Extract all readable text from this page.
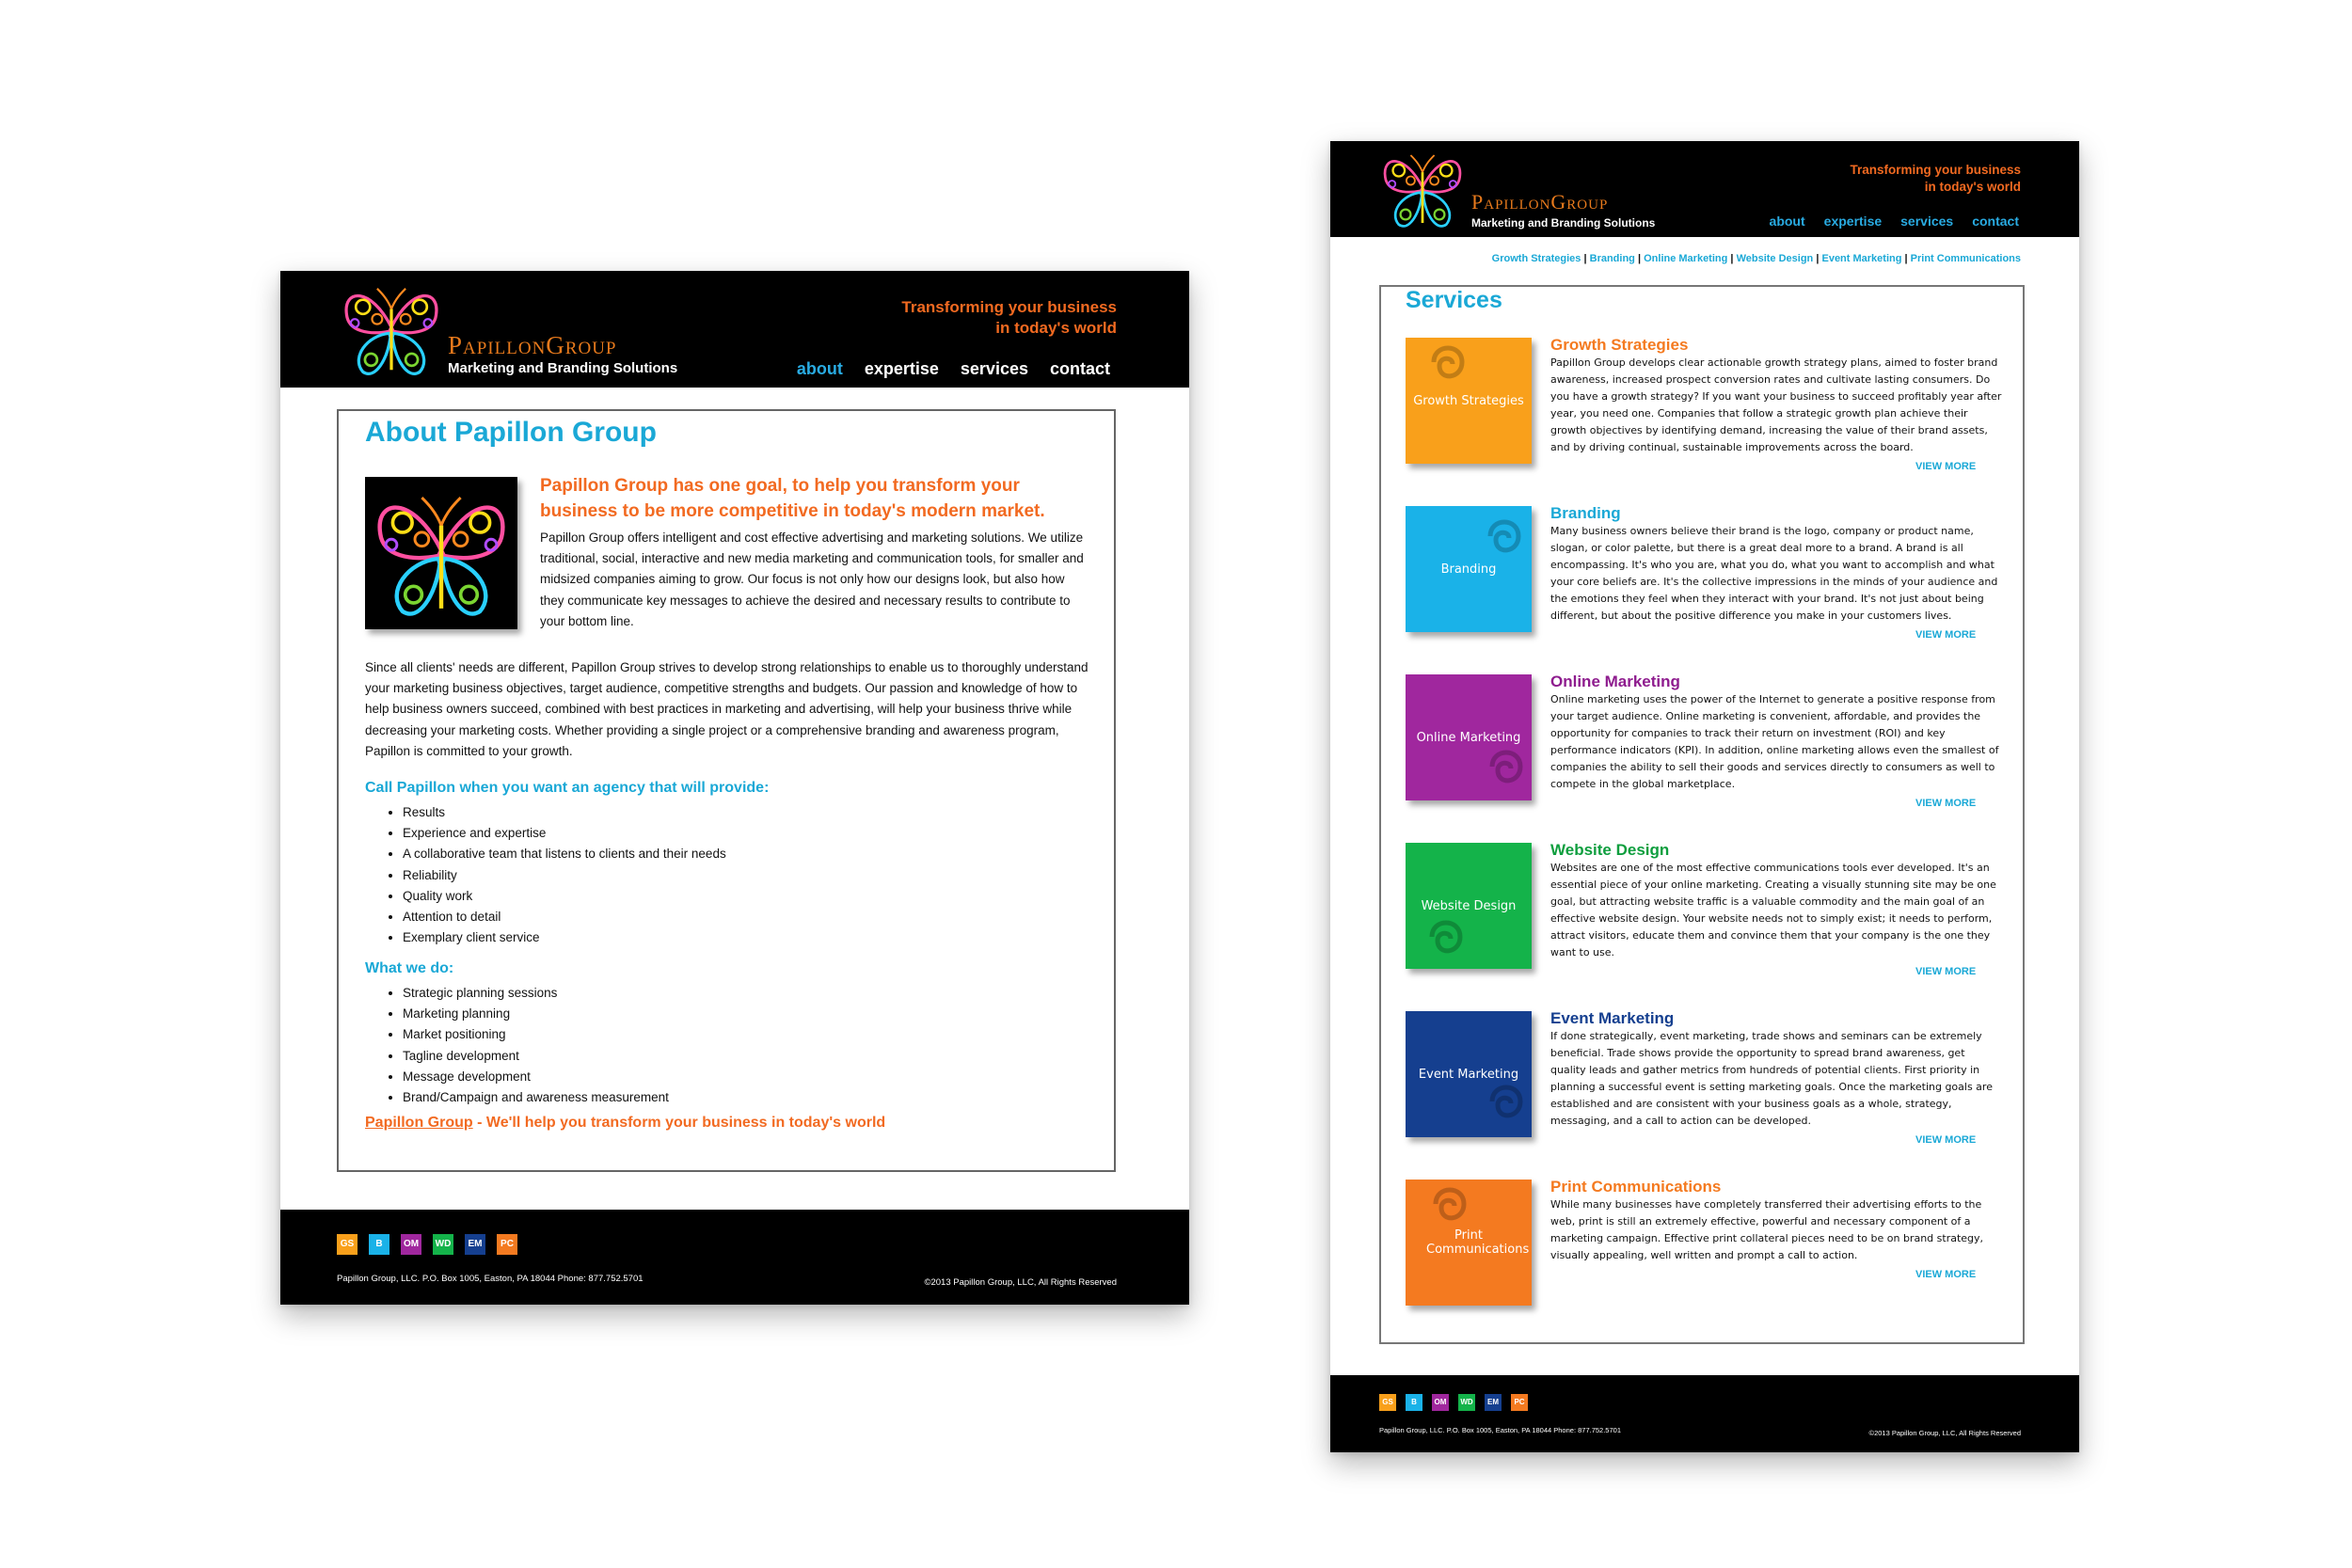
PapillonGroup
Marketing and Branding Solutions
Transforming your business
in today's world
about expertise services contact
About Papillon Group
Papillon Group has one goal, to help you transform your business to be more competitive in today's modern market.
Papillon Group offers intelligent and cost effective advertising and marketing solutions. We utilize traditional, social, interactive and new media marketing and communication tools, for smaller and midsized companies aiming to grow. Our focus is not only how our designs look, but also how they communicate key messages to achieve the desired and necessary results to contribute to your bottom line.
Since all clients' needs are different, Papillon Group strives to develop strong relationships to enable us to thoroughly understand your marketing business objectives, target audience, competitive strengths and budgets. Our passion and knowledge of how to help business owners succeed, combined with best practices in marketing and advertising, will help your business thrive while decreasing your marketing costs. Whether providing a single project or a comprehensive branding and awareness program, Papillon is committed to your growth.
Call Papillon when you want an agency that will provide:
• Results
• Experience and expertise
• A collaborative team that listens to clients and their needs
• Reliability
• Quality work
• Attention to detail
• Exemplary client service
What we do:
• Strategic planning sessions
• Marketing planning
• Market positioning
• Tagline development
• Message development
• Brand/Campaign and awareness measurement
Papillon Group - We'll help you transform your business in today's world
GS	B	OM WD	EM	PC
Papillon Group, LLC. P.O. Box 1005, Easton, PA 18044 Phone: 877.752.5701	©2013 Papillon Group, LLC, All Rights Reserved
PapillonGroup
Marketing and Branding Solutions
Transforming your business
in today's world
about expertise services contact
Growth Strategies | Branding | Online Marketing | Website Design | Event Marketing | Print Communications
Services
Growth Strategies
Growth Strategies
Papillon Group develops clear actionable growth strategy plans, aimed to foster brand awareness, increased prospect conversion rates and cultivate lasting consumers. Do you have a growth strategy? If you want your business to succeed profitably year after year, you need one. Companies that follow a strategic growth plan achieve their growth objectives by identifying demand, increasing the value of their brand assets, and by driving continual, sustainable improvements across the board.
VIEW MORE
Branding
Branding
Many business owners believe their brand is the logo, company or product name, slogan, or color palette, but there is a great deal more to a brand. A brand is all encompassing. It's who you are, what you do, what you want to accomplish and what your core beliefs are. It's the collective impressions in the minds of your audience and the emotions they feel when they interact with your brand. It's not just about being different, but about the positive difference you make in your customers lives.
VIEW MORE
Online Marketing
Online Marketing
Online marketing uses the power of the Internet to generate a positive response from your target audience. Online marketing is convenient, affordable, and provides the opportunity for companies to track their return on investment (ROI) and key performance indicators (KPI). In addition, online marketing allows even the smallest of companies the ability to sell their goods and services directly to consumers as well to compete in the global marketplace.
VIEW MORE
Website Design
Website Design
Websites are one of the most effective communications tools ever developed. It's an essential piece of your online marketing. Creating a visually stunning site may be one goal, but attracting website traffic is a valuable commodity and the main goal of an effective website design. Your website needs not to simply exist; it needs to perform, attract visitors, educate them and convince them that your company is the one they want to use.
VIEW MORE
Event Marketing
Event Marketing
If done strategically, event marketing, trade shows and seminars can be extremely beneficial. Trade shows provide the opportunity to spread brand awareness, get quality leads and gather metrics from hundreds of potential clients. First priority in planning a successful event is setting marketing goals. Once the marketing goals are established and are consistent with your business goals as a whole, strategy, messaging, and a call to action can be developed.
VIEW MORE
Print Communications
Print Communications
While many businesses have completely transferred their advertising efforts to the web, print is still an extremely effective, powerful and necessary component of a marketing campaign. Effective print collateral pieces need to be on brand strategy, visually appealing, well written and prompt a call to action.
VIEW MORE
GS	B	OM	WD	EM	PC
Papillon Group, LLC. P.O. Box 1005, Easton, PA 18044 Phone: 877.752.5701	©2013 Papillon Group, LLC, All Rights Reserved
